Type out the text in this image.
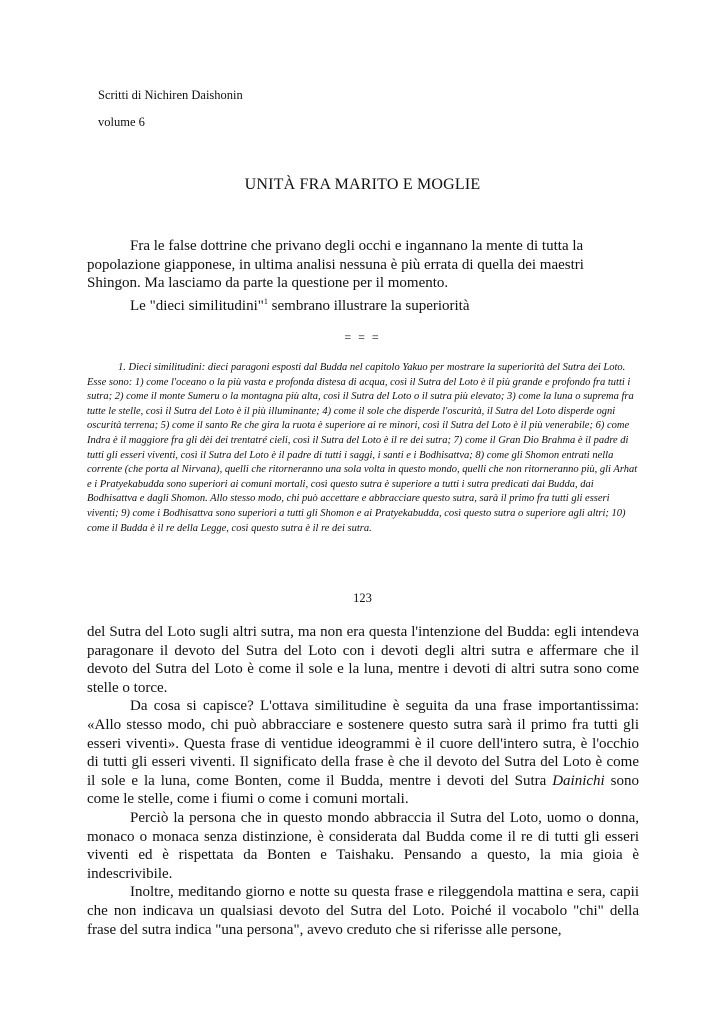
Scritti di Nichiren Daishonin
volume 6
UNITÀ FRA MARITO E MOGLIE

Fra le false dottrine che privano degli occhi e ingannano la mente di tutta la popolazione giapponese, in ultima analisi nessuna è più errata di quella dei maestri Shingon. Ma lasciamo da parte la questione per il momento.

Le "dieci similitudini"$^1$ sembrano illustrare la superiorità

= = =

1. Dieci similitudini: dieci paragoni esposti dal Budda nel capitolo Yakuo per mostrare la superiorità del Sutra dei Loto. Esse sono: 1) come l'oceano o la più vasta e profonda distesa di acqua, così il Sutra del Loto è il più grande e profondo fra tutti i sutra; 2) come il monte Sumeru o la montagna più alta, così il Sutra del Loto o il sutra più elevato; 3) come la luna o suprema fra tutte le stelle, così il Sutra del Loto è il più illuminante; 4) come il sole che disperde l'oscurità, il Sutra del Loto disperde ogni oscurità terrena; 5) come il santo Re che gira la ruota è superiore ai re minori, così il Sutra del Loto è il più venerabile; 6) come Indra è il maggiore fra gli dèi dei trentatré cieli, così il Sutra del Loto è il re dei sutra; 7) come il Gran Dio Brahma è il padre di tutti gli esseri viventi, così il Sutra del Loto è il padre di tutti i saggi, i santi e i Bodhisattva; 8) come gli Shomon entrati nella corrente (che porta al Nirvana), quelli che ritorneranno una sola volta in questo mondo, quelli che non ritorneranno più, gli Arhat e i Pratyekabudda sono superiori ai comuni mortali, così questo sutra è superiore a tutti i sutra predicati dai Budda, dai Bodhisattva e dagli Shomon. Allo stesso modo, chi può accettare e abbracciare questo sutra, sarà il primo fra tutti gli esseri viventi; 9) come i Bodhisattva sono superiori a tutti gli Shomon e ai Pratyekabudda, così questo sutra o superiore agli altri; 10) come il Budda è il re della Legge, così questo sutra è il re dei sutra.

123

del Sutra del Loto sugli altri sutra, ma non era questa l'intenzione del Budda: egli intendeva paragonare il devoto del Sutra del Loto con i devoti degli altri sutra e affermare che il devoto del Sutra del Loto è come il sole e la luna, mentre i devoti di altri sutra sono come stelle o torce.

Da cosa si capisce? L'ottava similitudine è seguita da una frase importantissima: «Allo stesso modo, chi può abbracciare e sostenere questo sutra sarà il primo fra tutti gli esseri viventi». Questa frase di ventidue ideogrammi è il cuore dell'intero sutra, è l'occhio di tutti gli esseri viventi. Il significato della frase è che il devoto del Sutra del Loto è come il sole e la luna, come Bonten, come il Budda, mentre i devoti del Sutra Dainichi sono come le stelle, come i fiumi o come i comuni mortali.

Perciò la persona che in questo mondo abbraccia il Sutra del Loto, uomo o donna, monaco o monaca senza distinzione, è considerata dal Budda come il re di tutti gli esseri viventi ed è rispettata da Bonten e Taishaku. Pensando a questo, la mia gioia è indescrivibile.

Inoltre, meditando giorno e notte su questa frase e rileggendola mattina e sera, capii che non indicava un qualsiasi devoto del Sutra del Loto. Poiché il vocabolo "chi" della frase del sutra indica "una persona", avevo creduto che si riferisse alle persone,
